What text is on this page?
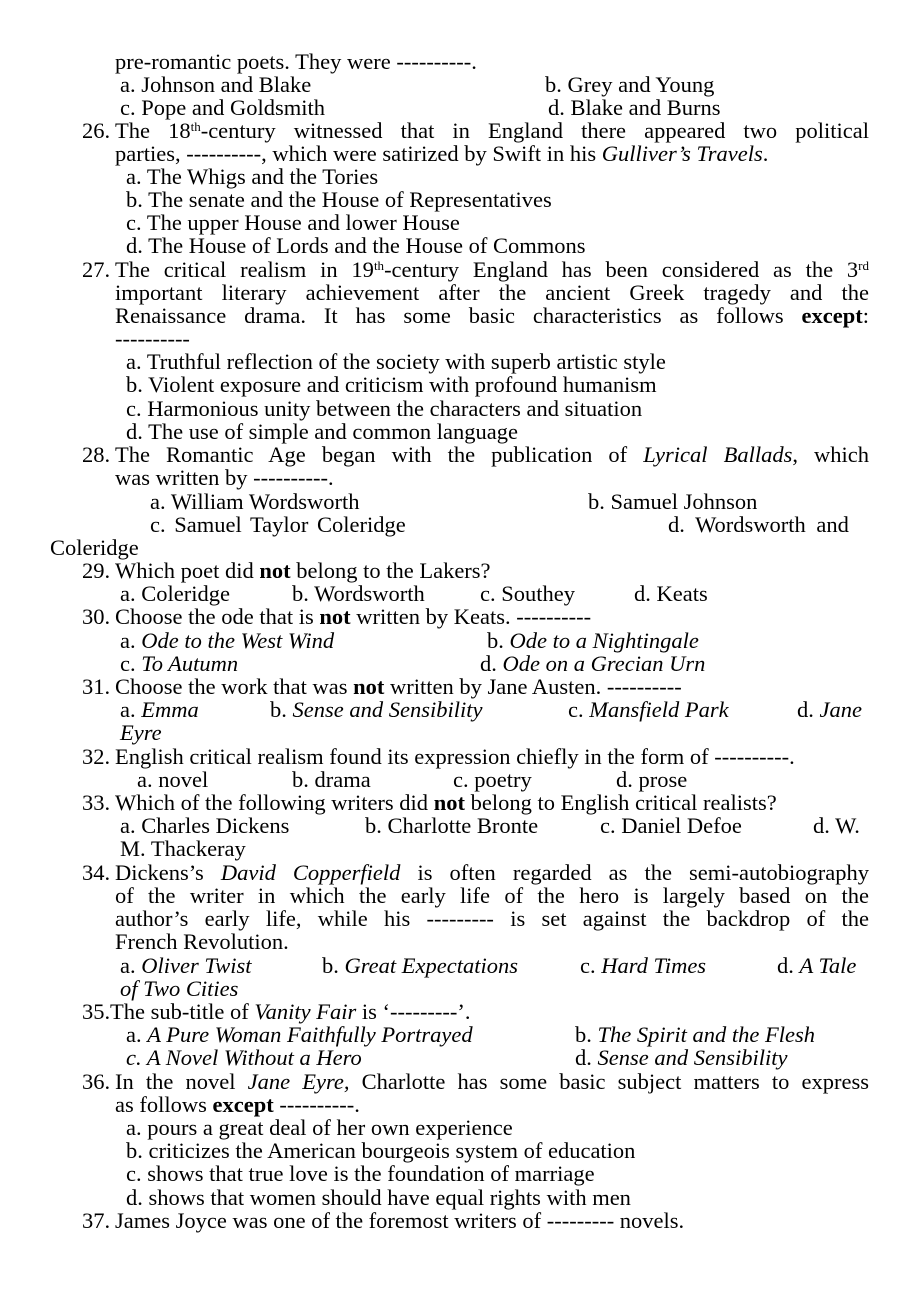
pre-romantic poets. They were ----------.
a. Johnson and Blake	b. Grey and Young
c. Pope and Goldsmith	d. Blake and Burns
26. The 18th-century witnessed that in England there appeared two political
parties, ----------, which were satirized by Swift in his Gulliver’s Travels.
a. The Whigs and the Tories
b. The senate and the House of Representatives
c. The upper House and lower House
d. The House of Lords and the House of Commons
27. The critical realism in 19th-century England has been considered as the 3rd
important literary achievement after the ancient Greek tragedy and the
Renaissance drama. It has some basic characteristics as follows except:
----------
a. Truthful reflection of the society with superb artistic style
b. Violent exposure and criticism with profound humanism
c. Harmonious unity between the characters and situation
d. The use of simple and common language
28. The Romantic Age began with the publication of Lyrical Ballads, which
was written by ----------.
a. William Wordsworth	b. Samuel Johnson
c. Samuel Taylor Coleridge	d. Wordsworth and
Coleridge
29. Which poet did not belong to the Lakers?
a. Coleridge	b. Wordsworth c. Southey	d. Keats
30. Choose the ode that is not written by Keats. ----------
a. Ode to the West Wind	b. Ode to a Nightingale
c. To Autumn	d. Ode on a Grecian Urn
31. Choose the work that was not written by Jane Austen. ----------
a. Emma	b. Sense and Sensibility	c. Mansfield Park	d. Jane
Eyre
32. English critical realism found its expression chiefly in the form of ----------.
a. novel	b. drama	c. poetry	d. prose
33. Which of the following writers did not belong to English critical realists?
a. Charles Dickens	b. Charlotte Bronte	c. Daniel Defoe	d. W.
M. Thackeray
34. Dickens’s David Copperfield is often regarded as the semi-autobiography
of the writer in which the early life of the hero is largely based on the
author’s early life, while his --------- is set against the backdrop of the
French Revolution.
a. Oliver Twist	b. Great Expectations	c. Hard Times	d. A Tale
of Two Cities
35. The sub-title of Vanity Fair is ‘---------’.
a. A Pure Woman Faithfully Portrayed	b. The Spirit and the Flesh
c. A Novel Without a Hero	d. Sense and Sensibility
36. In the novel Jane Eyre, Charlotte has some basic subject matters to express
as follows except ----------.
a. pours a great deal of her own experience
b. criticizes the American bourgeois system of education
c. shows that true love is the foundation of marriage
d. shows that women should have equal rights with men
37. James Joyce was one of the foremost writers of --------- novels.
